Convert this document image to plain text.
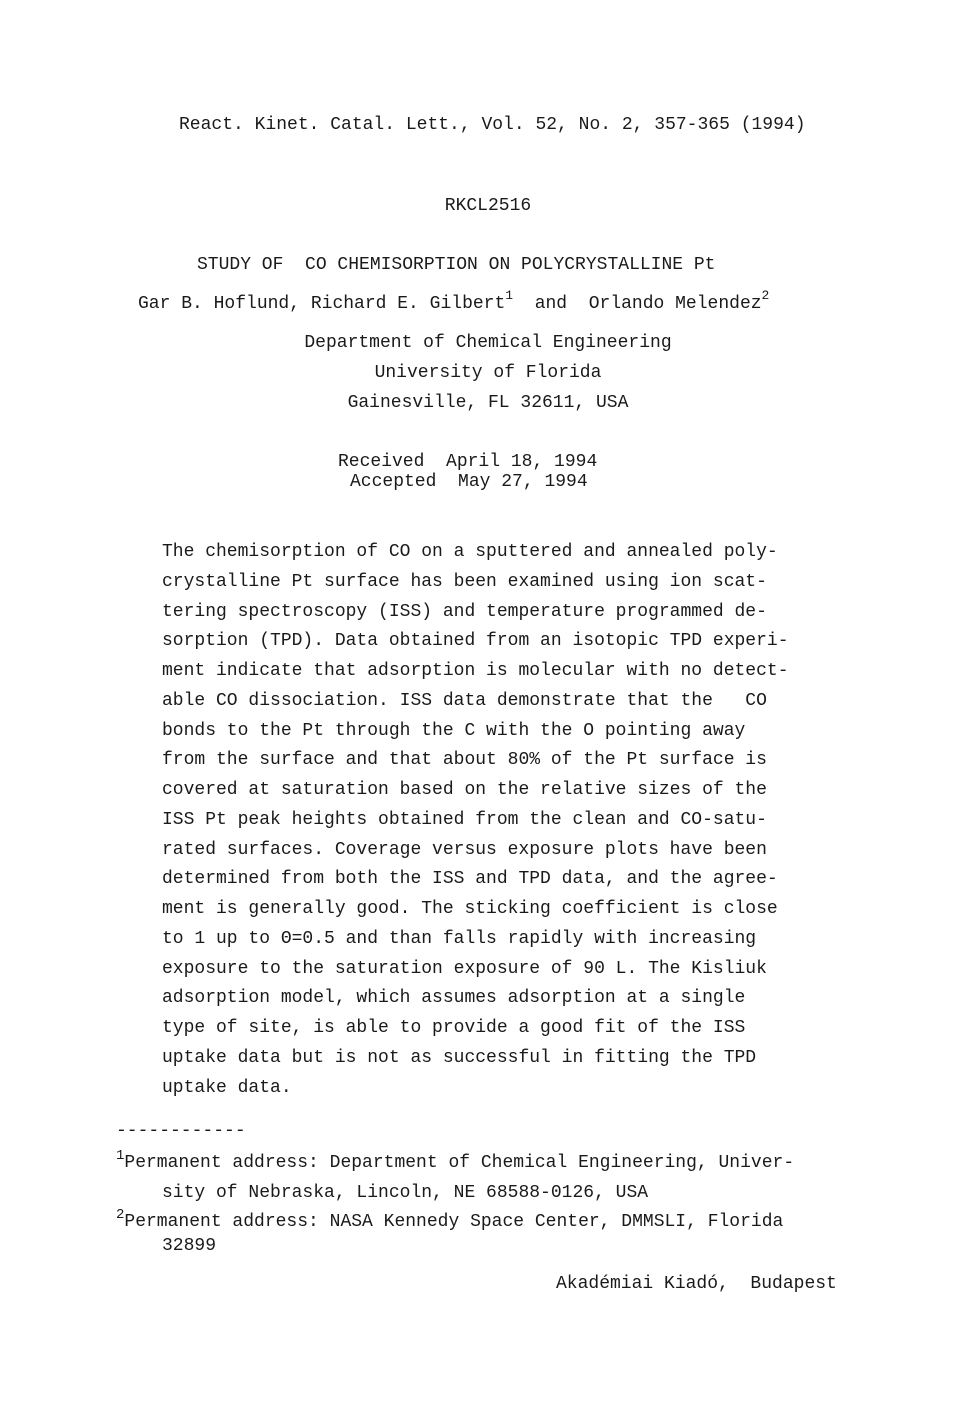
React. Kinet. Catal. Lett., Vol. 52, No. 2, 357-365 (1994)
RKCL2516
STUDY OF  CO CHEMISORPTION ON POLYCRYSTALLINE Pt
Gar B. Hoflund, Richard E. Gilbert$^1$ and Orlando Melendez$^2$
Department of Chemical Engineering
University of Florida
Gainesville, FL 32611, USA
Received April 18, 1994
Accepted May 27, 1994
The chemisorption of CO on a sputtered and annealed poly-
crystalline Pt surface has been examined using ion scat-
tering spectroscopy (ISS) and temperature programmed de-
sorption (TPD). Data obtained from an isotopic TPD experi-
ment indicate that adsorption is molecular with no detect-
able CO dissociation. ISS data demonstrate that the   CO
bonds to the Pt through the C with the O pointing away
from the surface and that about 80% of the Pt surface is
covered at saturation based on the relative sizes of the
ISS Pt peak heights obtained from the clean and CO-satu-
rated surfaces. Coverage versus exposure plots have been
determined from both the ISS and TPD data, and the agree-
ment is generally good. The sticking coefficient is close
to 1 up to Θ=0.5 and than falls rapidly with increasing
exposure to the saturation exposure of 90 L. The Kisliuk
adsorption model, which assumes adsorption at a single
type of site, is able to provide a good fit of the ISS
uptake data but is not as successful in fitting the TPD
uptake data.
------------
$^1$Permanent address: Department of Chemical Engineering, Univer-
sity of Nebraska, Lincoln, NE 68588-0126, USA
$^2$Permanent address: NASA Kennedy Space Center, DMMSLI, Florida
32899
Akadémiai Kiadó,  Budapest
